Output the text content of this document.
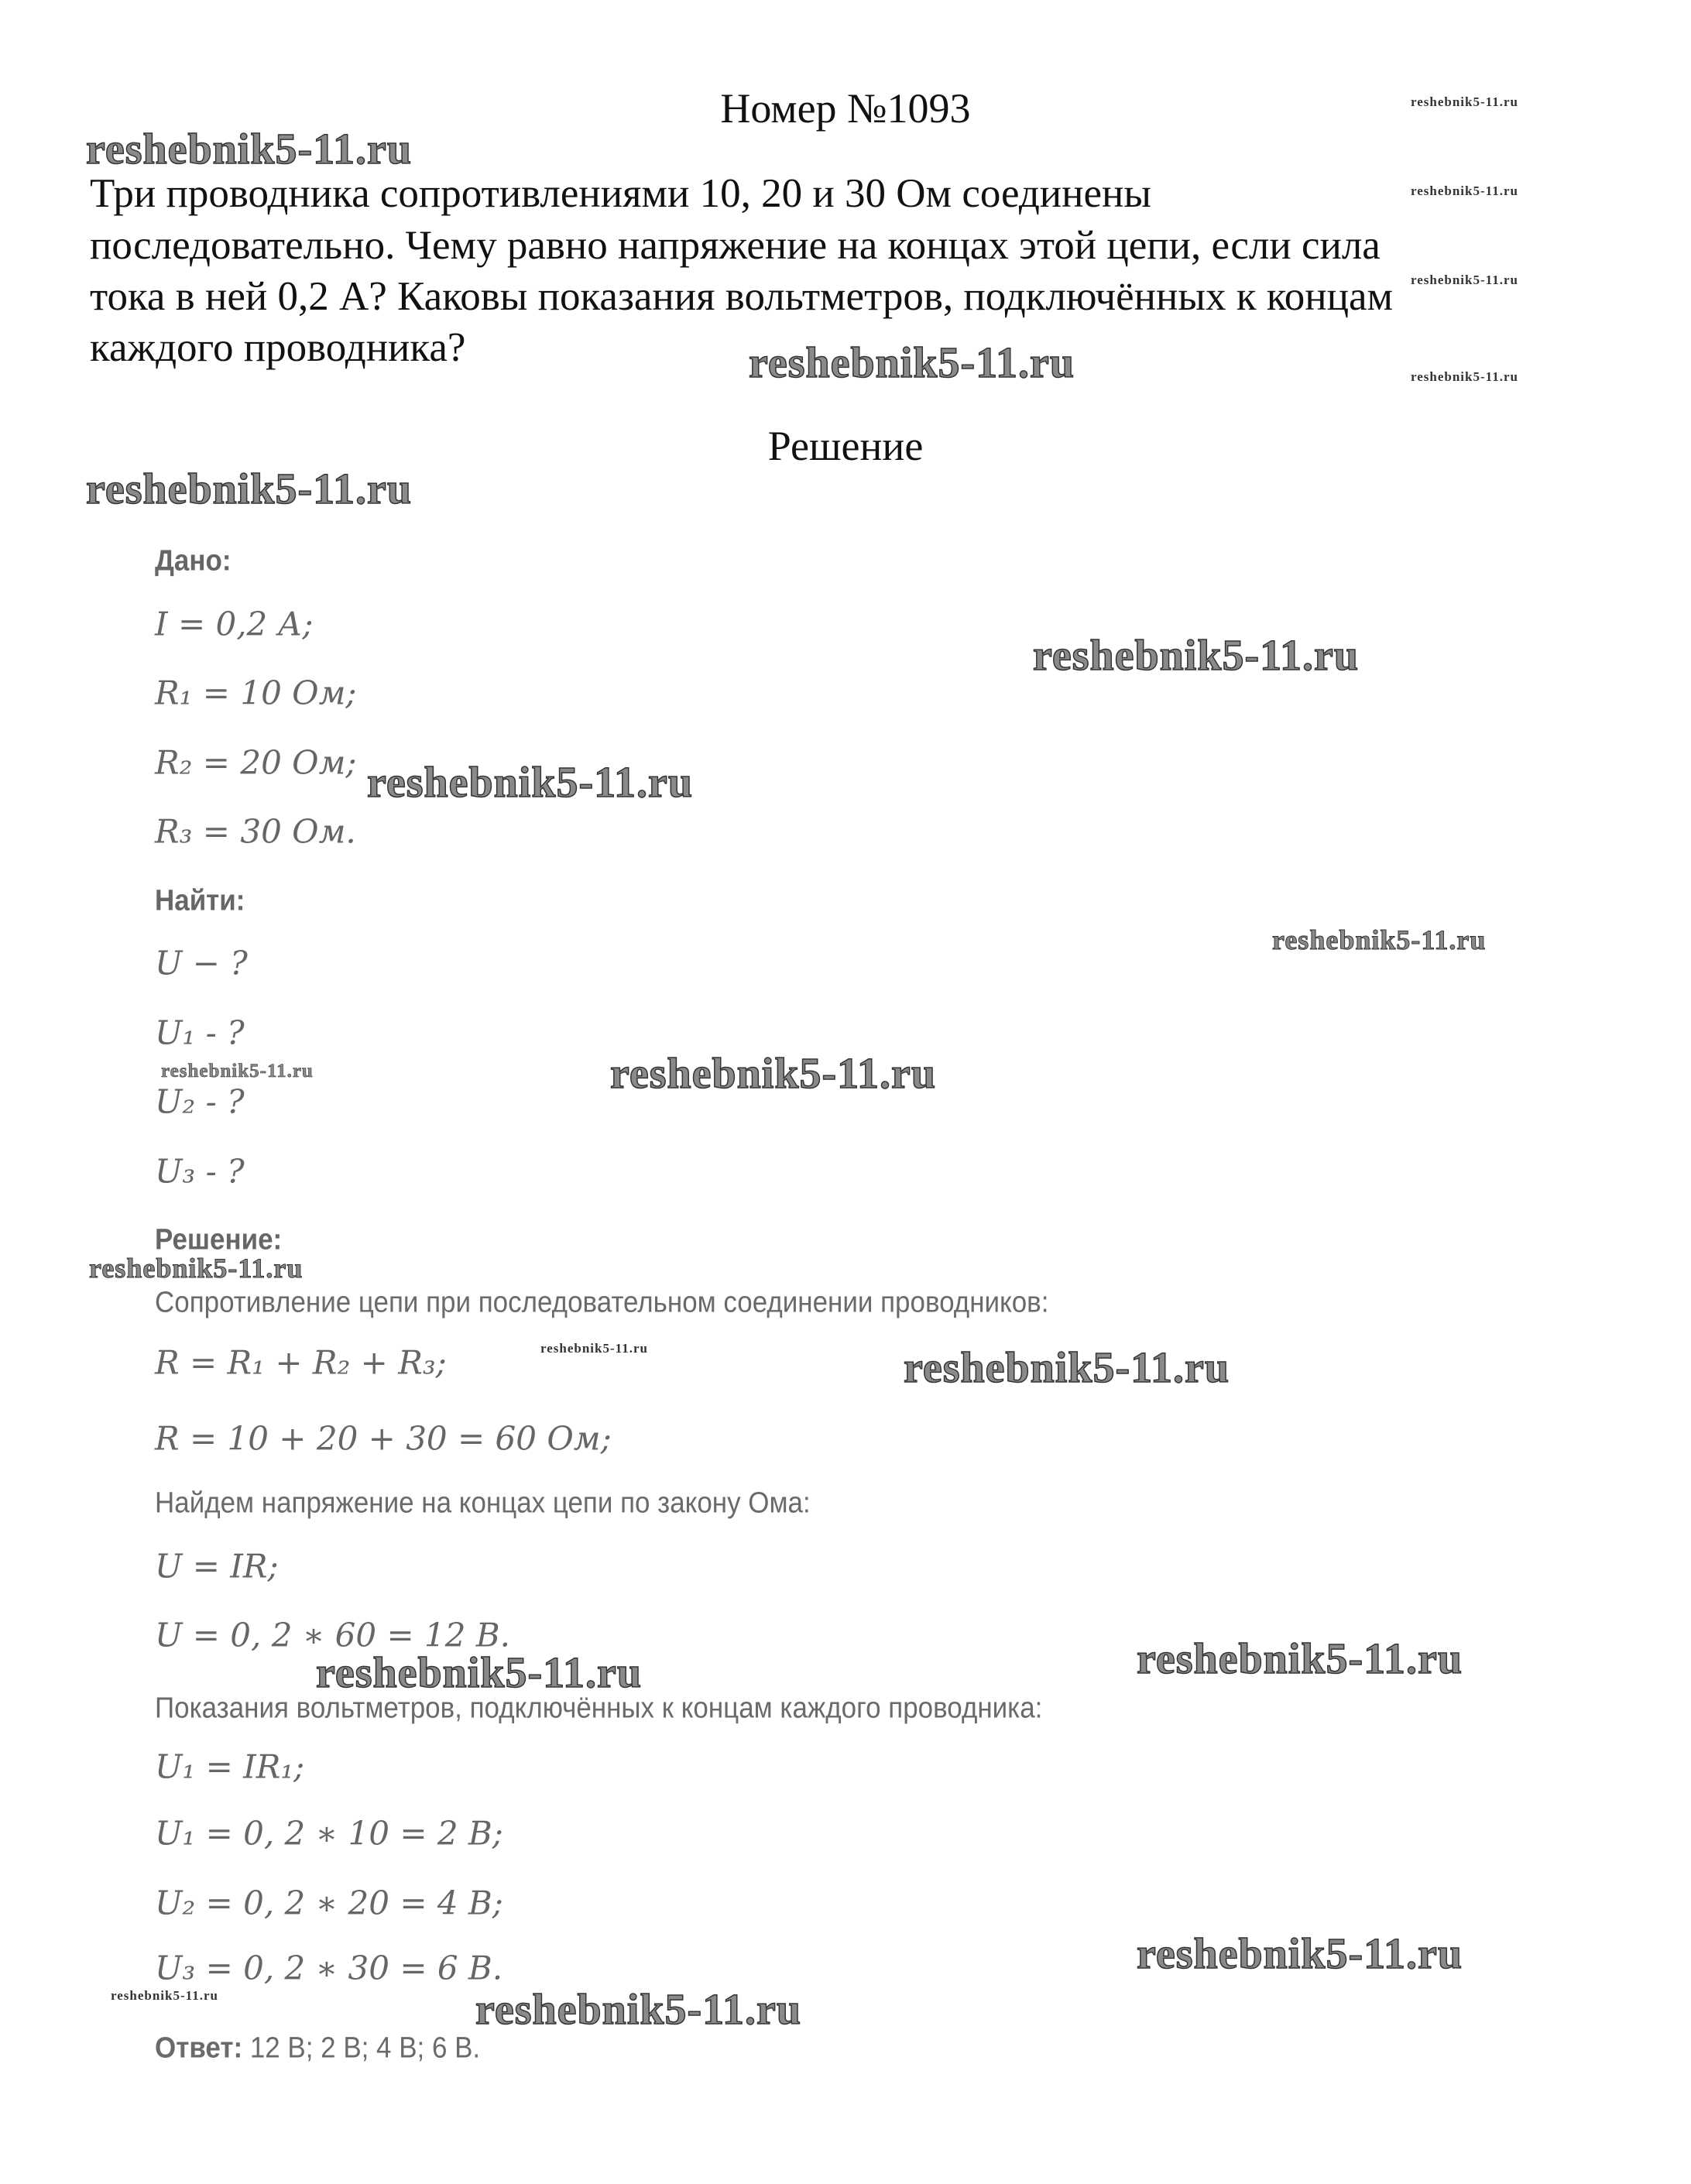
Номер №1093
Три проводника сопротивлениями 10, 20 и 30 Ом соединены
последовательно. Чему равно напряжение на концах этой цепи, если сила
тока в ней 0,2 А? Каковы показания вольтметров, подключённых к концам
каждого проводника?
Решение
Дано:
I = 0,2 А;
R₁ = 10 Ом;
R₂ = 20 Ом;
R₃ = 30 Ом.
Найти:
U − ?
U₁ - ?
U₂ - ?
U₃ - ?
Решение:
Сопротивление цепи при последовательном соединении проводников:
R = R₁ + R₂ + R₃;
R = 10 + 20 + 30 = 60 Ом;
Найдем напряжение на концах цепи по закону Ома:
U = IR;
U = 0, 2 ∗ 60 = 12 В.
Показания вольтметров, подключённых к концам каждого проводника:
U₁ = IR₁;
U₁ = 0, 2 ∗ 10 = 2 В;
U₂ = 0, 2 ∗ 20 = 4 В;
U₃ = 0, 2 ∗ 30 = 6 В.
Ответ: 12 В; 2 В; 4 В; 6 В.
reshebnik5-11.ru
reshebnik5-11.ru
reshebnik5-11.ru
reshebnik5-11.ru
reshebnik5-11.ru
reshebnik5-11.ru
reshebnik5-11.ru
reshebnik5-11.ru
reshebnik5-11.ru
reshebnik5-11.ru
reshebnik5-11.ru	reshebnik5-11.ru
reshebnik5-11.ru
reshebnik5-11.ru	reshebnik5-11.ru
reshebnik5-11.ru
reshebnik5-11.ru
reshebnik5-11.ru
reshebnik5-11.ru	reshebnik5-11.ru
